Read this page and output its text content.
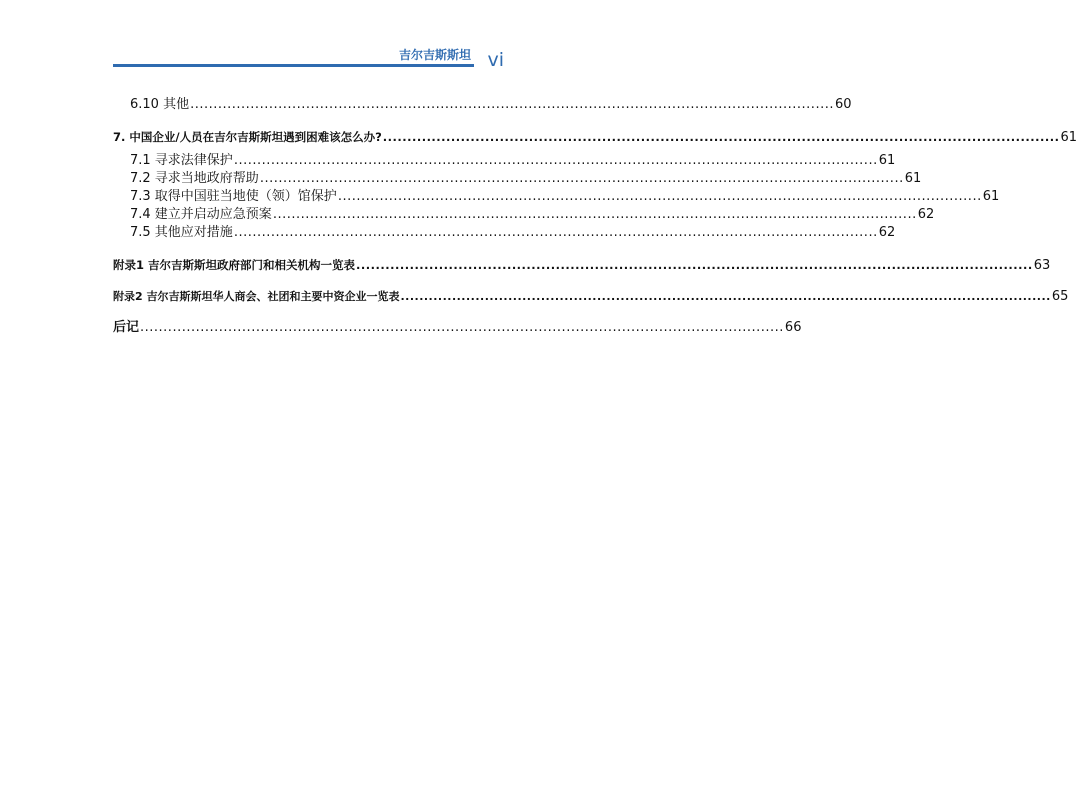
吉尔吉斯斯坦 vi
6.10 其他 ........................................................................................................................................... 60
7. 中国企业/人员在吉尔吉斯斯坦遇到困难该怎么办? ........................................................................................................................................... 61
7.1 寻求法律保护 ........................................................................................................................................... 61
7.2 寻求当地政府帮助 ........................................................................................................................................... 61
7.3 取得中国驻当地使（领）馆保护 ........................................................................................................................................... 61
7.4 建立并启动应急预案 ........................................................................................................................................... 62
7.5 其他应对措施 ........................................................................................................................................... 62
附录1 吉尔吉斯斯坦政府部门和相关机构一览表 ........................................................................................................................................... 63
附录2 吉尔吉斯斯坦华人商会、社团和主要中资企业一览表 ........................................................................................................................................... 65
后记 ........................................................................................................................................... 66
